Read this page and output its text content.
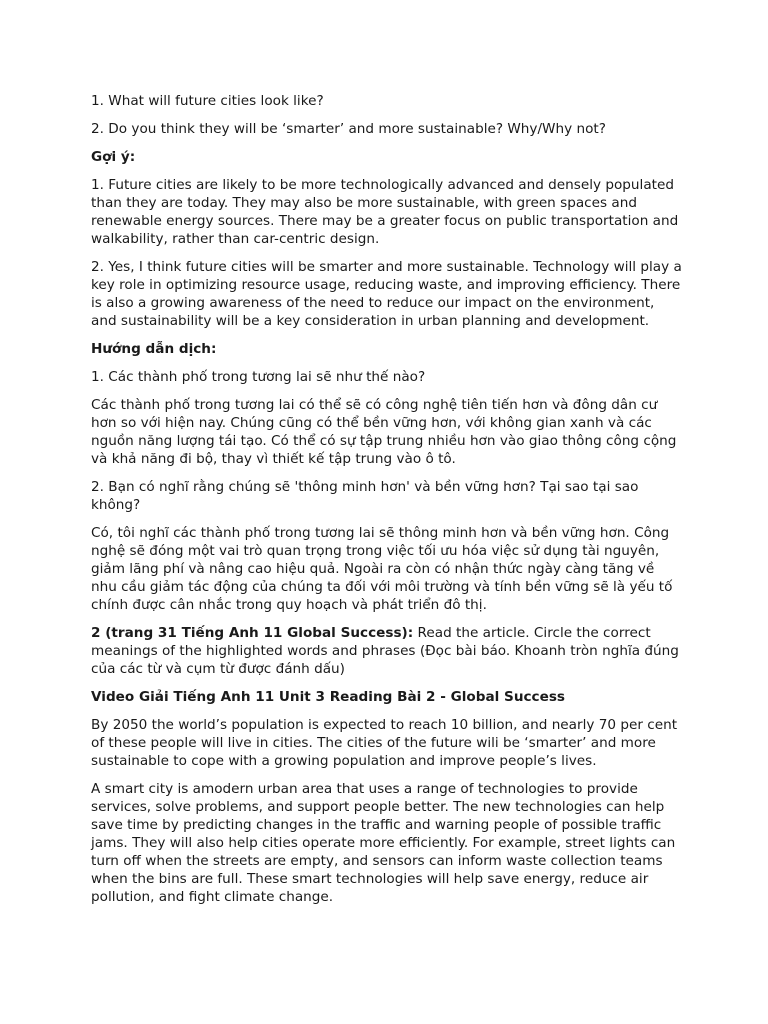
1. What will future cities look like?

2. Do you think they will be ‘smarter’ and more sustainable? Why/Why not?

Gợi ý:

1. Future cities are likely to be more technologically advanced and densely populated than they are today. They may also be more sustainable, with green spaces and renewable energy sources. There may be a greater focus on public transportation and walkability, rather than car-centric design.

2. Yes, I think future cities will be smarter and more sustainable. Technology will play a key role in optimizing resource usage, reducing waste, and improving efficiency. There is also a growing awareness of the need to reduce our impact on the environment, and sustainability will be a key consideration in urban planning and development.

Hướng dẫn dịch:

1. Các thành phố trong tương lai sẽ như thế nào?

Các thành phố trong tương lai có thể sẽ có công nghệ tiên tiến hơn và đông dân cư hơn so với hiện nay. Chúng cũng có thể bền vững hơn, với không gian xanh và các nguồn năng lượng tái tạo. Có thể có sự tập trung nhiều hơn vào giao thông công cộng và khả năng đi bộ, thay vì thiết kế tập trung vào ô tô.

2. Bạn có nghĩ rằng chúng sẽ 'thông minh hơn' và bền vững hơn? Tại sao tại sao không?

Có, tôi nghĩ các thành phố trong tương lai sẽ thông minh hơn và bền vững hơn. Công nghệ sẽ đóng một vai trò quan trọng trong việc tối ưu hóa việc sử dụng tài nguyên, giảm lãng phí và nâng cao hiệu quả. Ngoài ra còn có nhận thức ngày càng tăng về nhu cầu giảm tác động của chúng ta đối với môi trường và tính bền vững sẽ là yếu tố chính được cân nhắc trong quy hoạch và phát triển đô thị.

2 (trang 31 Tiếng Anh 11 Global Success): Read the article. Circle the correct meanings of the highlighted words and phrases (Đọc bài báo. Khoanh tròn nghĩa đúng của các từ và cụm từ được đánh dấu)

Video Giải Tiếng Anh 11 Unit 3 Reading Bài 2 - Global Success

By 2050 the world’s population is expected to reach 10 billion, and nearly 70 per cent of these people will live in cities. The cities of the future wili be ‘smarter’ and more sustainable to cope with a growing population and improve people’s lives.

A smart city is amodern urban area that uses a range of technologies to provide services, solve problems, and support people better. The new technologies can help save time by predicting changes in the traffic and warning people of possible traffic jams. They will also help cities operate more efficiently. For example, street lights can turn off when the streets are empty, and sensors can inform waste collection teams when the bins are full. These smart technologies will help save energy, reduce air pollution, and fight climate change.
